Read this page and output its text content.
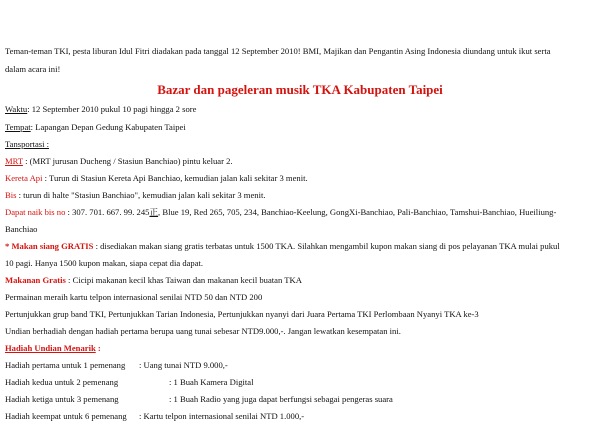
Teman-teman TKI, pesta liburan Idul Fitri diadakan pada tanggal 12 September 2010! BMI, Majikan dan Pengantin Asing Indonesia diundang untuk ikut serta
dalam acara ini!
Bazar dan pageleran musik TKA Kabupaten Taipei
Waktu: 12 September 2010 pukul 10 pagi hingga 2 sore
Tempat: Lapangan Depan Gedung Kabupaten Taipei
Tansportasi :
MRT : (MRT jurusan Ducheng / Stasiun Banchiao) pintu keluar 2.
Kereta Api : Turun di Stasiun Kereta Api Banchiao, kemudian jalan kali sekitar 3 menit.
Bis : turun di halte "Stasiun Banchiao", kemudian jalan kali sekitar 3 menit.
Dapat naik bis no : 307. 701. 667. 99. 245正, Blue 19, Red 265, 705, 234, Banchiao-Keelung, GongXi-Banchiao, Pali-Banchiao, Tamshui-Banchiao, Hueiliung-
Banchiao
* Makan siang GRATIS : disediakan makan siang gratis terbatas untuk 1500 TKA. Silahkan mengambil kupon makan siang di pos pelayanan TKA mulai pukul
10 pagi. Hanya 1500 kupon makan, siapa cepat dia dapat.
Makanan Gratis : Cicipi makanan kecil khas Taiwan dan makanan kecil buatan TKA
Permainan meraih kartu telpon internasional senilai NTD 50 dan NTD 200
Pertunjukkan grup band TKI, Pertunjukkan Tarian Indonesia, Pertunjukkan nyanyi dari Juara Pertama TKI Perlombaan Nyanyi TKA ke-3
Undian berhadiah dengan hadiah pertama berupa uang tunai sebesar NTD9.000,-. Jangan lewatkan kesempatan ini.
Hadiah Undian Menarik :
Hadiah pertama untuk 1 pemenang : Uang tunai NTD 9.000,-
Hadiah kedua untuk 2 pemenang	: 1 Buah Kamera Digital
Hadiah ketiga untuk 3 pemenang	: 1 Buah Radio yang juga dapat berfungsi sebagai pengeras suara
Hadiah keempat untuk 6 pemenang : Kartu telpon internasional senilai NTD 1.000,-
